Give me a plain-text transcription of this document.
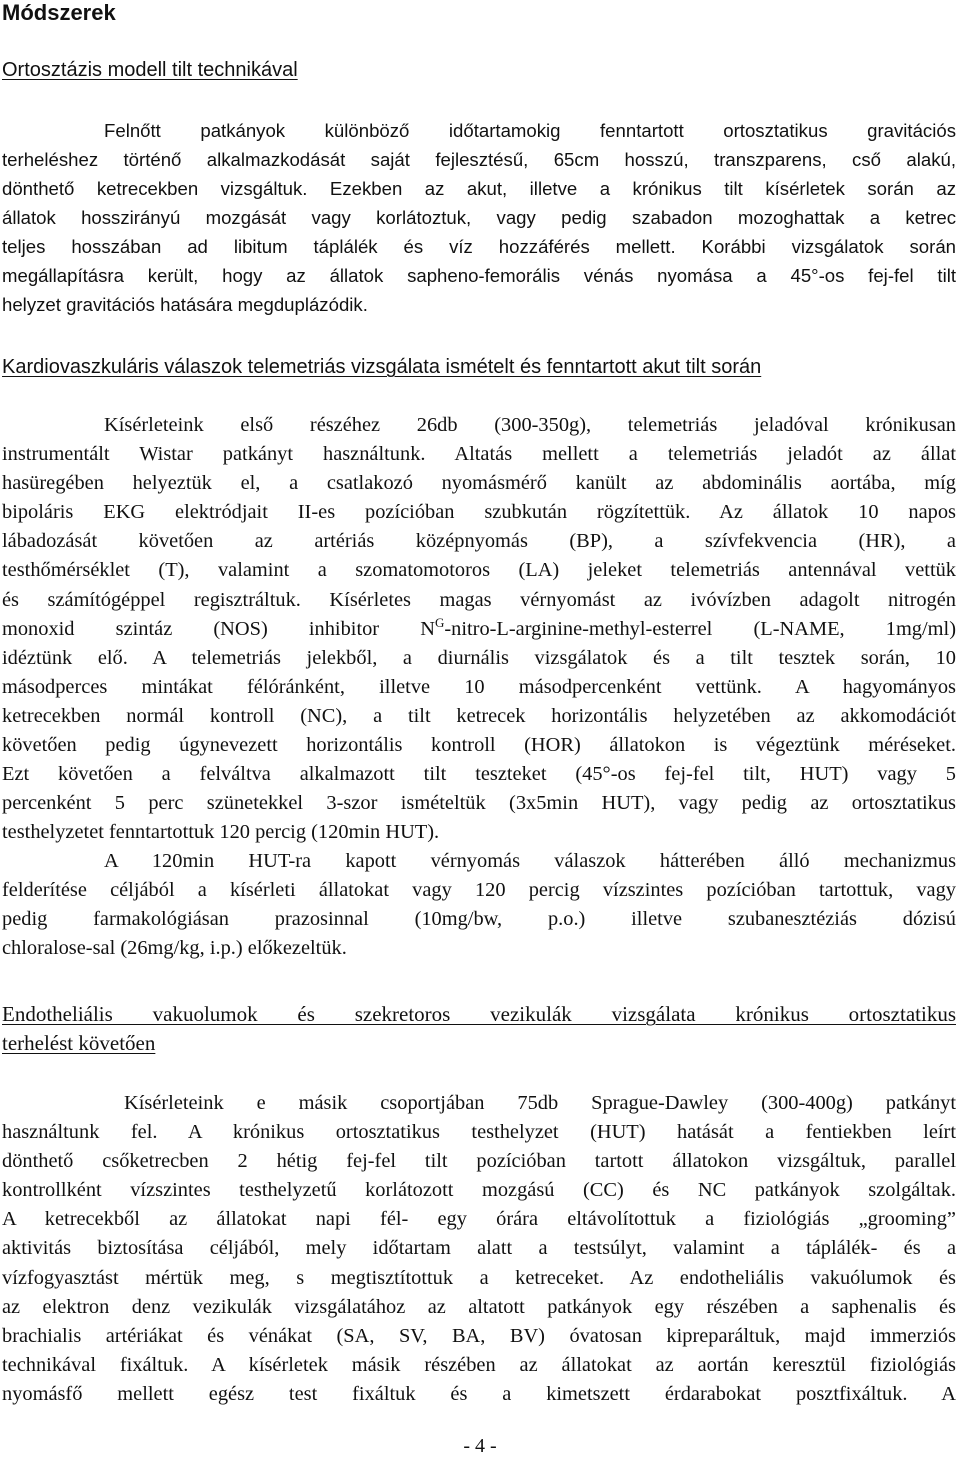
Módszerek
Ortosztázis modell tilt technikával

Felnőtt patkányok különböző időtartamokig fenntartott ortosztatikus gravitációs
terheléshez történő alkalmazkodását saját fejlesztésű, 65cm hosszú, transzparens, cső alakú,
dönthető ketrecekben vizsgáltuk. Ezekben az akut, illetve a krónikus tilt kísérletek során az
állatok hosszirányú mozgását vagy korlátoztuk, vagy pedig szabadon mozoghattak a ketrec
teljes hosszában ad libitum táplálék és víz hozzáférés mellett. Korábbi vizsgálatok során
megállapításra került, hogy az állatok sapheno-femorális vénás nyomása a 45°-os fej-fel tilt
helyzet gravitációs hatására megduplázódik.

Kardiovaszkuláris válaszok telemetriás vizsgálata ismételt és fenntartott akut tilt során

Kísérleteink első részéhez 26db (300-350g), telemetriás jeladóval krónikusan
instrumentált Wistar patkányt használtunk. Altatás mellett a telemetriás jeladót az állat
hasüregében helyeztük el, a csatlakozó nyomásmérő kanült az abdominális aortába, míg
bipoláris EKG elektródjait II-es pozícióban szubkután rögzítettük. Az állatok 10 napos
lábadozását követően az artériás középnyomás (BP), a szívfekvencia (HR), a
testhőmérséklet (T), valamint a szomatomotoros (LA) jeleket telemetriás antennával vettük
és számítógéppel regisztráltuk. Kísérletes magas vérnyomást az ivóvízben adagolt nitrogén
monoxid szintáz (NOS) inhibitor $N^G-nitro-L-arginine-methyl$-esterrel (L-NAME, 1mg/ml)
idéztünk elő. A telemetriás jelekből, a diurnális vizsgálatok és a tilt tesztek során, 10
másodperces mintákat félóránként, illetve 10 másodpercenként vettünk. A hagyományos
ketrecekben normál kontroll (NC), a tilt ketrecek horizontális helyzetében az akkomodációt
követően pedig úgynevezett horizontális kontroll (HOR) állatokon is végeztünk méréseket.
Ezt követően a felváltva alkalmazott tilt teszteket (45°-os fej-fel tilt, HUT) vagy 5
percenként 5 perc szünetekkel 3-szor ismételtük (3x5min HUT), vagy pedig az ortosztatikus
testhelyzetet fenntartottuk 120 percig (120min HUT).

A 120min HUT-ra kapott vérnyomás válaszok hátterében álló mechanizmus
felderítése céljából a kísérleti állatokat vagy 120 percig vízszintes pozícióban tartottuk, vagy
pedig farmakológiásan prazosinnal (10mg/bw, p.o.) illetve szubanesztéziás dózisú
chloralose-sal (26mg/kg, i.p.) előkezeltük.

Endotheliális vakuolumok és szekretoros vezikulák vizsgálata krónikus ortosztatikus
terhelést követően

Kísérleteink e másik csoportjában 75db Sprague-Dawley (300-400g) patkányt
használtunk fel. A krónikus ortosztatikus testhelyzet (HUT) hatását a fentiekben leírt
dönthető csőketrecben 2 hétig fej-fel tilt pozícióban tartott állatokon vizsgáltuk, parallel
kontrollként vízszintes testhelyzetű korlátozott mozgású (CC) és NC patkányok szolgáltak.
A ketrecekből az állatokat napi fél- egy órára eltávolítottuk a fiziológiás „grooming”
aktivitás biztosítása céljából, mely időtartam alatt a testsúlyt, valamint a táplálék- és a
vízfogyasztást mértük meg, s megtisztítottuk a ketreceket. Az endotheliális vakuólumok és
az elektron denz vezikulák vizsgálatához az altatott patkányok egy részében a saphenalis és
brachialis artériákat és vénákat (SA, SV, BA, BV) óvatosan kipreparáltuk, majd immerziós
technikával fixáltuk. A kísérletek másik részében az állatokat az aortán keresztül fiziológiás
nyomásfő mellett egész test fixáltuk és a kimetszett érdarabokat posztfixáltuk. A

- 4 -
